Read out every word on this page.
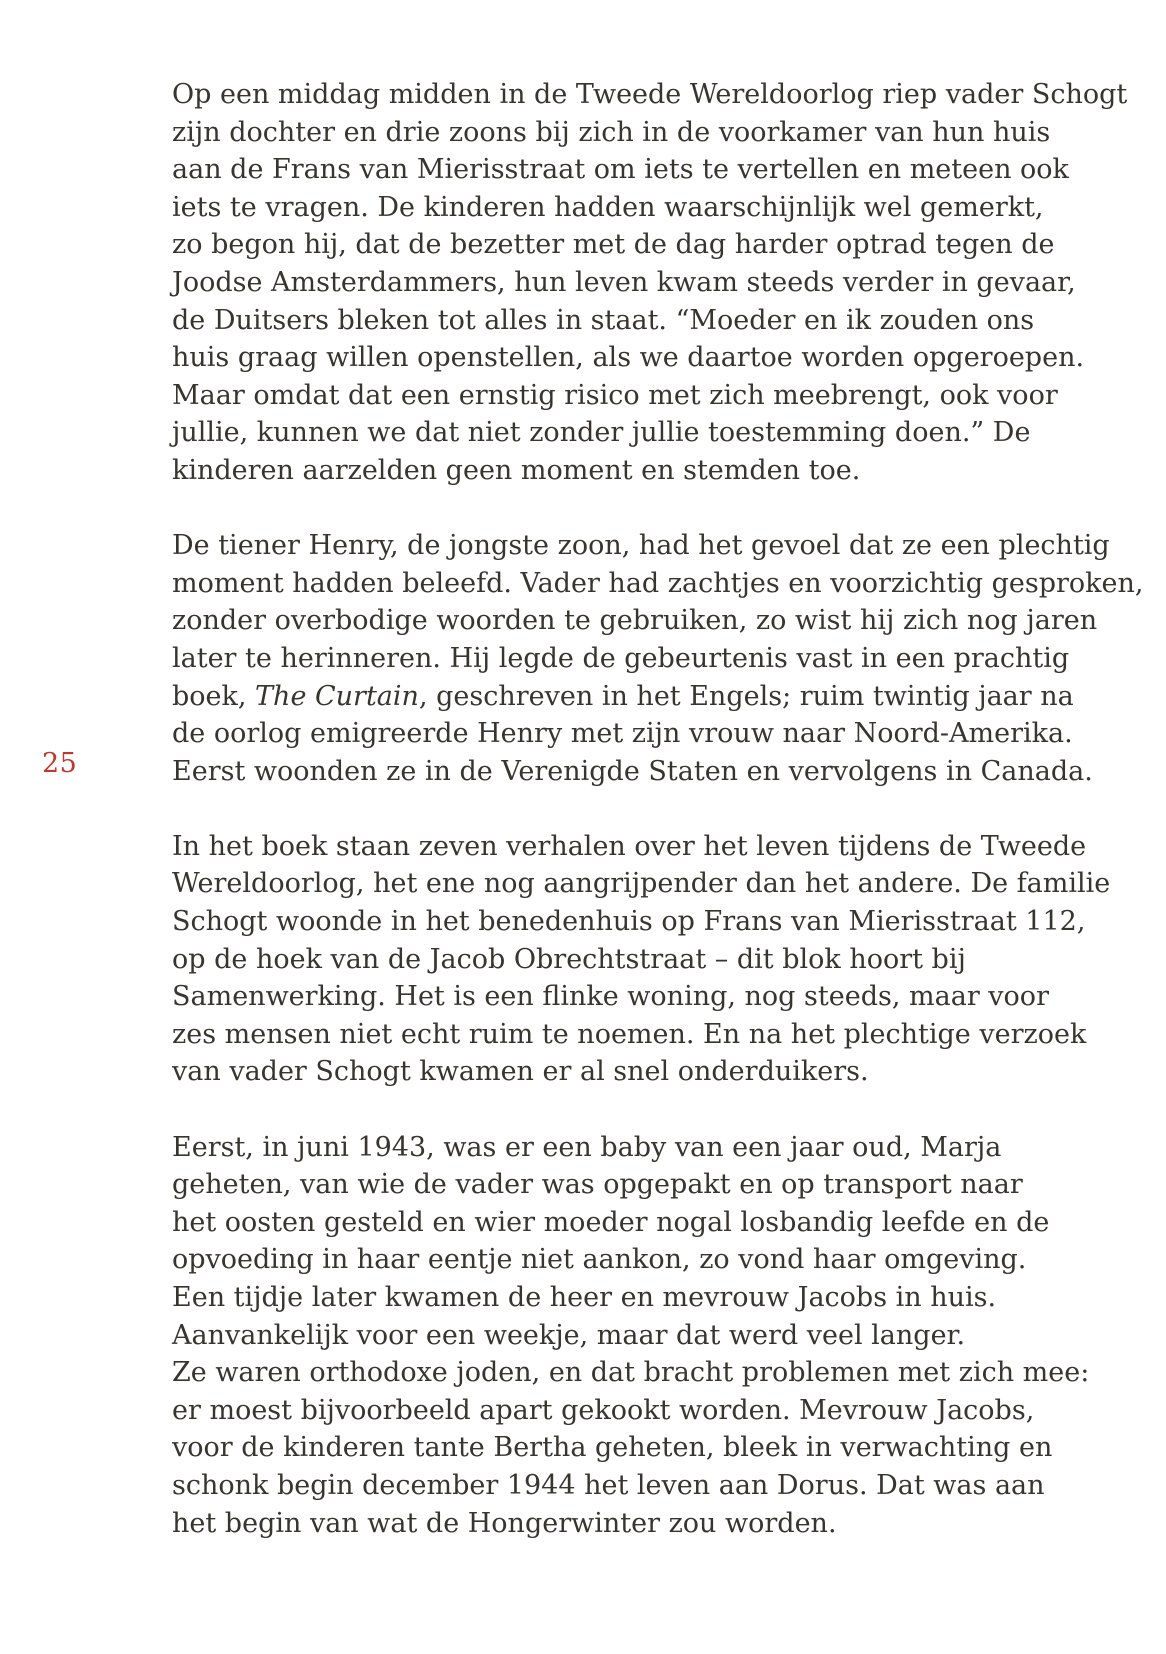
25
Op een middag midden in de Tweede Wereldoorlog riep vader Schogt
zijn dochter en drie zoons bij zich in de voorkamer van hun huis
aan de Frans van Mierisstraat om iets te vertellen en meteen ook
iets te vragen. De kinderen hadden waarschijnlijk wel gemerkt,
zo begon hij, dat de bezetter met de dag harder optrad tegen de
Joodse Amsterdammers, hun leven kwam steeds verder in gevaar,
de Duitsers bleken tot alles in staat. “Moeder en ik zouden ons
huis graag willen openstellen, als we daartoe worden opgeroepen.
Maar omdat dat een ernstig risico met zich meebrengt, ook voor
jullie, kunnen we dat niet zonder jullie toestemming doen.” De
kinderen aarzelden geen moment en stemden toe.
De tiener Henry, de jongste zoon, had het gevoel dat ze een plechtig
moment hadden beleefd. Vader had zachtjes en voorzichtig gesproken,
zonder overbodige woorden te gebruiken, zo wist hij zich nog jaren
later te herinneren. Hij legde de gebeurtenis vast in een prachtig
boek, The Curtain, geschreven in het Engels; ruim twintig jaar na
de oorlog emigreerde Henry met zijn vrouw naar Noord-Amerika.
Eerst woonden ze in de Verenigde Staten en vervolgens in Canada.
In het boek staan zeven verhalen over het leven tijdens de Tweede
Wereldoorlog, het ene nog aangrijpender dan het andere. De familie
Schogt woonde in het benedenhuis op Frans van Mierisstraat 112,
op de hoek van de Jacob Obrechtstraat – dit blok hoort bij
Samenwerking. Het is een flinke woning, nog steeds, maar voor
zes mensen niet echt ruim te noemen. En na het plechtige verzoek
van vader Schogt kwamen er al snel onderduikers.
Eerst, in juni 1943, was er een baby van een jaar oud, Marja
geheten, van wie de vader was opgepakt en op transport naar
het oosten gesteld en wier moeder nogal losbandig leefde en de
opvoeding in haar eentje niet aankon, zo vond haar omgeving.
Een tijdje later kwamen de heer en mevrouw Jacobs in huis.
Aanvankelijk voor een weekje, maar dat werd veel langer.
Ze waren orthodoxe joden, en dat bracht problemen met zich mee:
er moest bijvoorbeeld apart gekookt worden. Mevrouw Jacobs,
voor de kinderen tante Bertha geheten, bleek in verwachting en
schonk begin december 1944 het leven aan Dorus. Dat was aan
het begin van wat de Hongerwinter zou worden.
